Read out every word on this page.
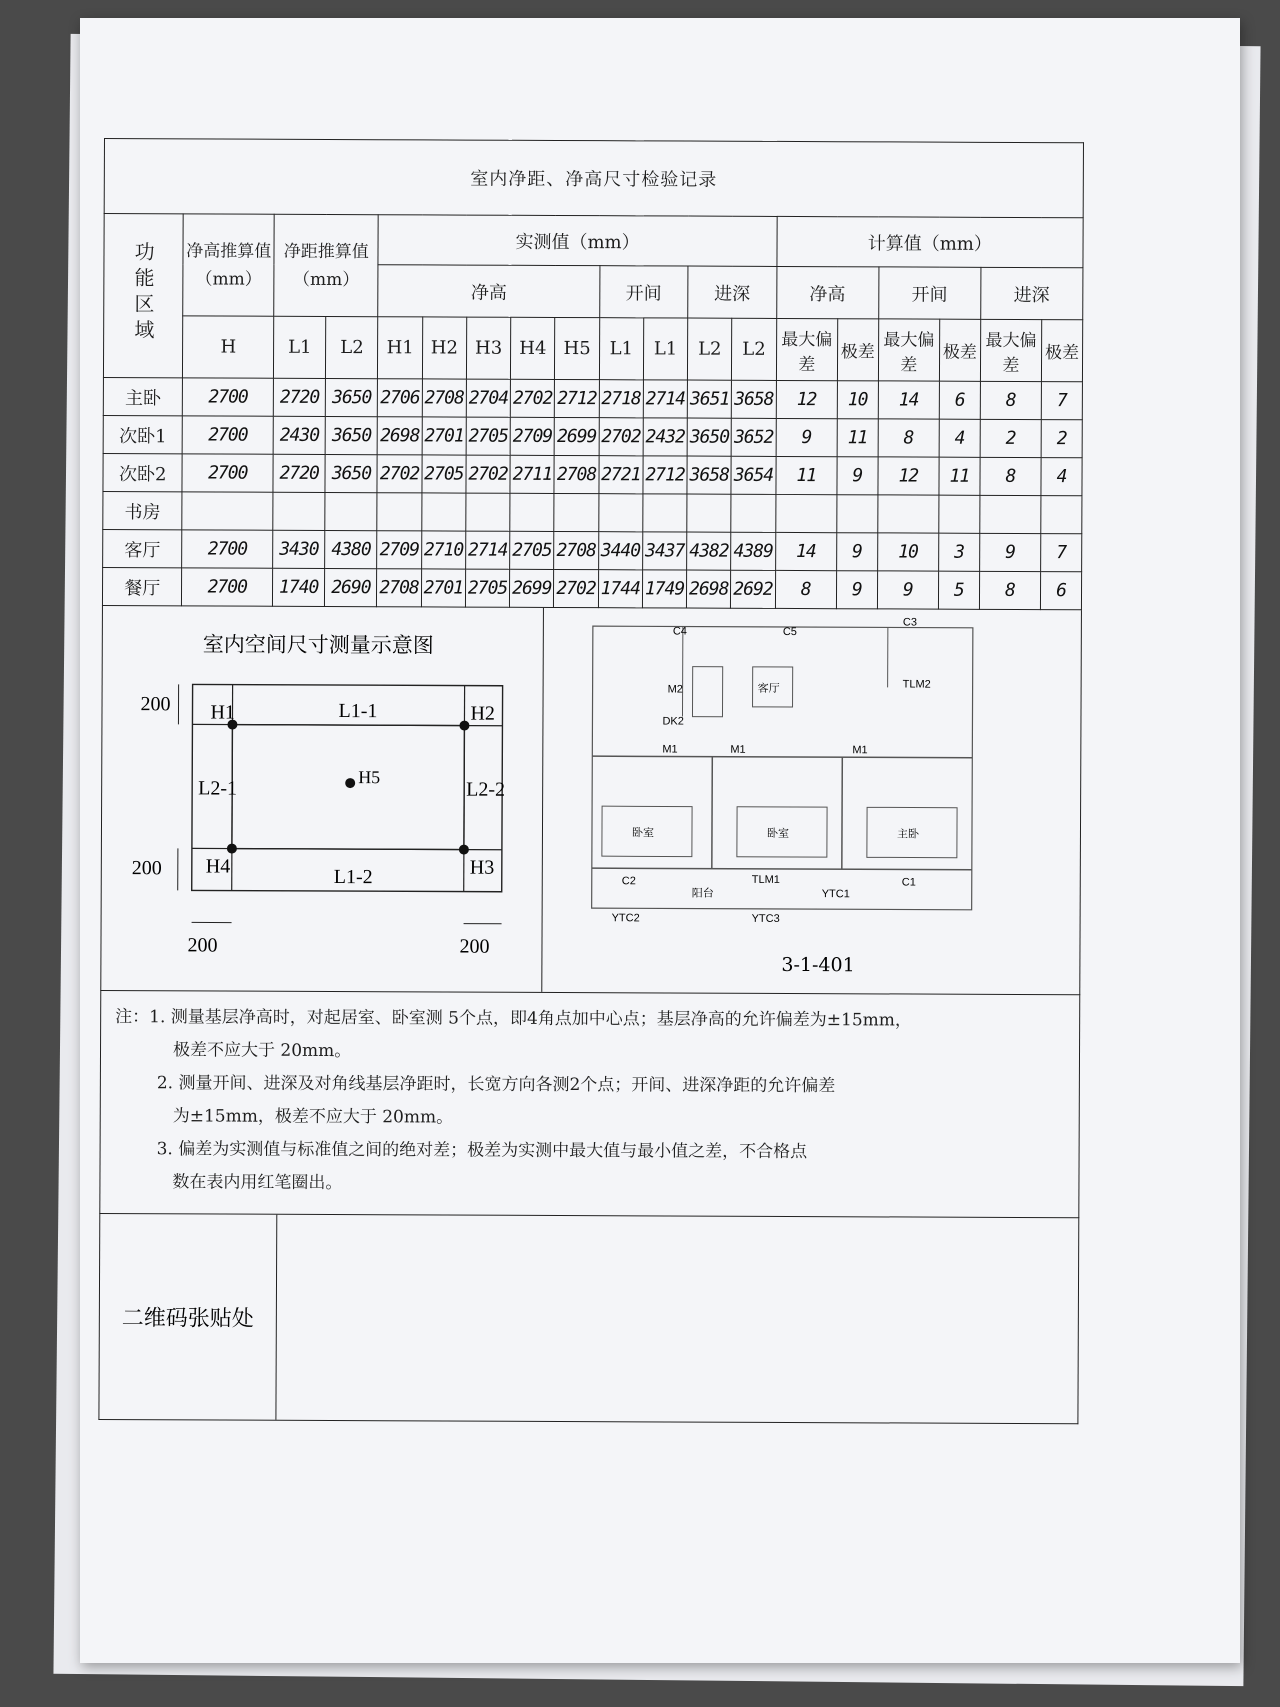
室内净距、净高尺寸检验记录																		
功能区域	净高推算值（mm）	净距推算值（mm）		实测值（mm）									计算值（mm）					
				净高					开间		进深		净高		开间		进深	
	H	L1	L2	H1	H2	H3	H4	H5	L1	L1	L2	L2	最大偏差	极差	最大偏差	极差	最大偏差	极差
主卧	2700	2720	3650	2706	2708	2704	2702	2712	2718	2714	3651	3658	12	10	14	6	8	7
次卧1	2700	2430	3650	2698	2701	2705	2709	2699	2702	2432	3650	3652	9	11	8	4	2	2
次卧2	2700	2720	3650	2702	2705	2702	2711	2708	2721	2712	3658	3654	11	9	12	11	8	4
书房																		
客厅	2700	3430	4380	2709	2710	2714	2705	2708	3440	3437	4382	4389	14	9	10	3	9	7
餐厅	2700	1740	2690	2708	2701	2705	2699	2702	1744	1749	2698	2692	8	9	9	5	8	6
室内空间尺寸测量示意图
H1	H2
H3
H4
H5
L1-1
L1-2
L2-1	L2-2
200
200
200	200
C4	C5
C3
M2	TLM2
DK2
M1	M1	M1
卧室	卧室	主卧
C2	TLM1	C1
阳台
YTC2	YTC3
YTC1
客厅
3-1-401
注：1. 测量基层净高时，对起居室、卧室测 5个点，即4角点加中心点；基层净高的允许偏差为±15mm，
极差不应大于 20mm。
2. 测量开间、进深及对角线基层净距时，长宽方向各测2个点；开间、进深净距的允许偏差
为±15mm，极差不应大于 20mm。
3. 偏差为实测值与标准值之间的绝对差；极差为实测中最大值与最小值之差，不合格点
数在表内用红笔圈出。
二维码张贴处
